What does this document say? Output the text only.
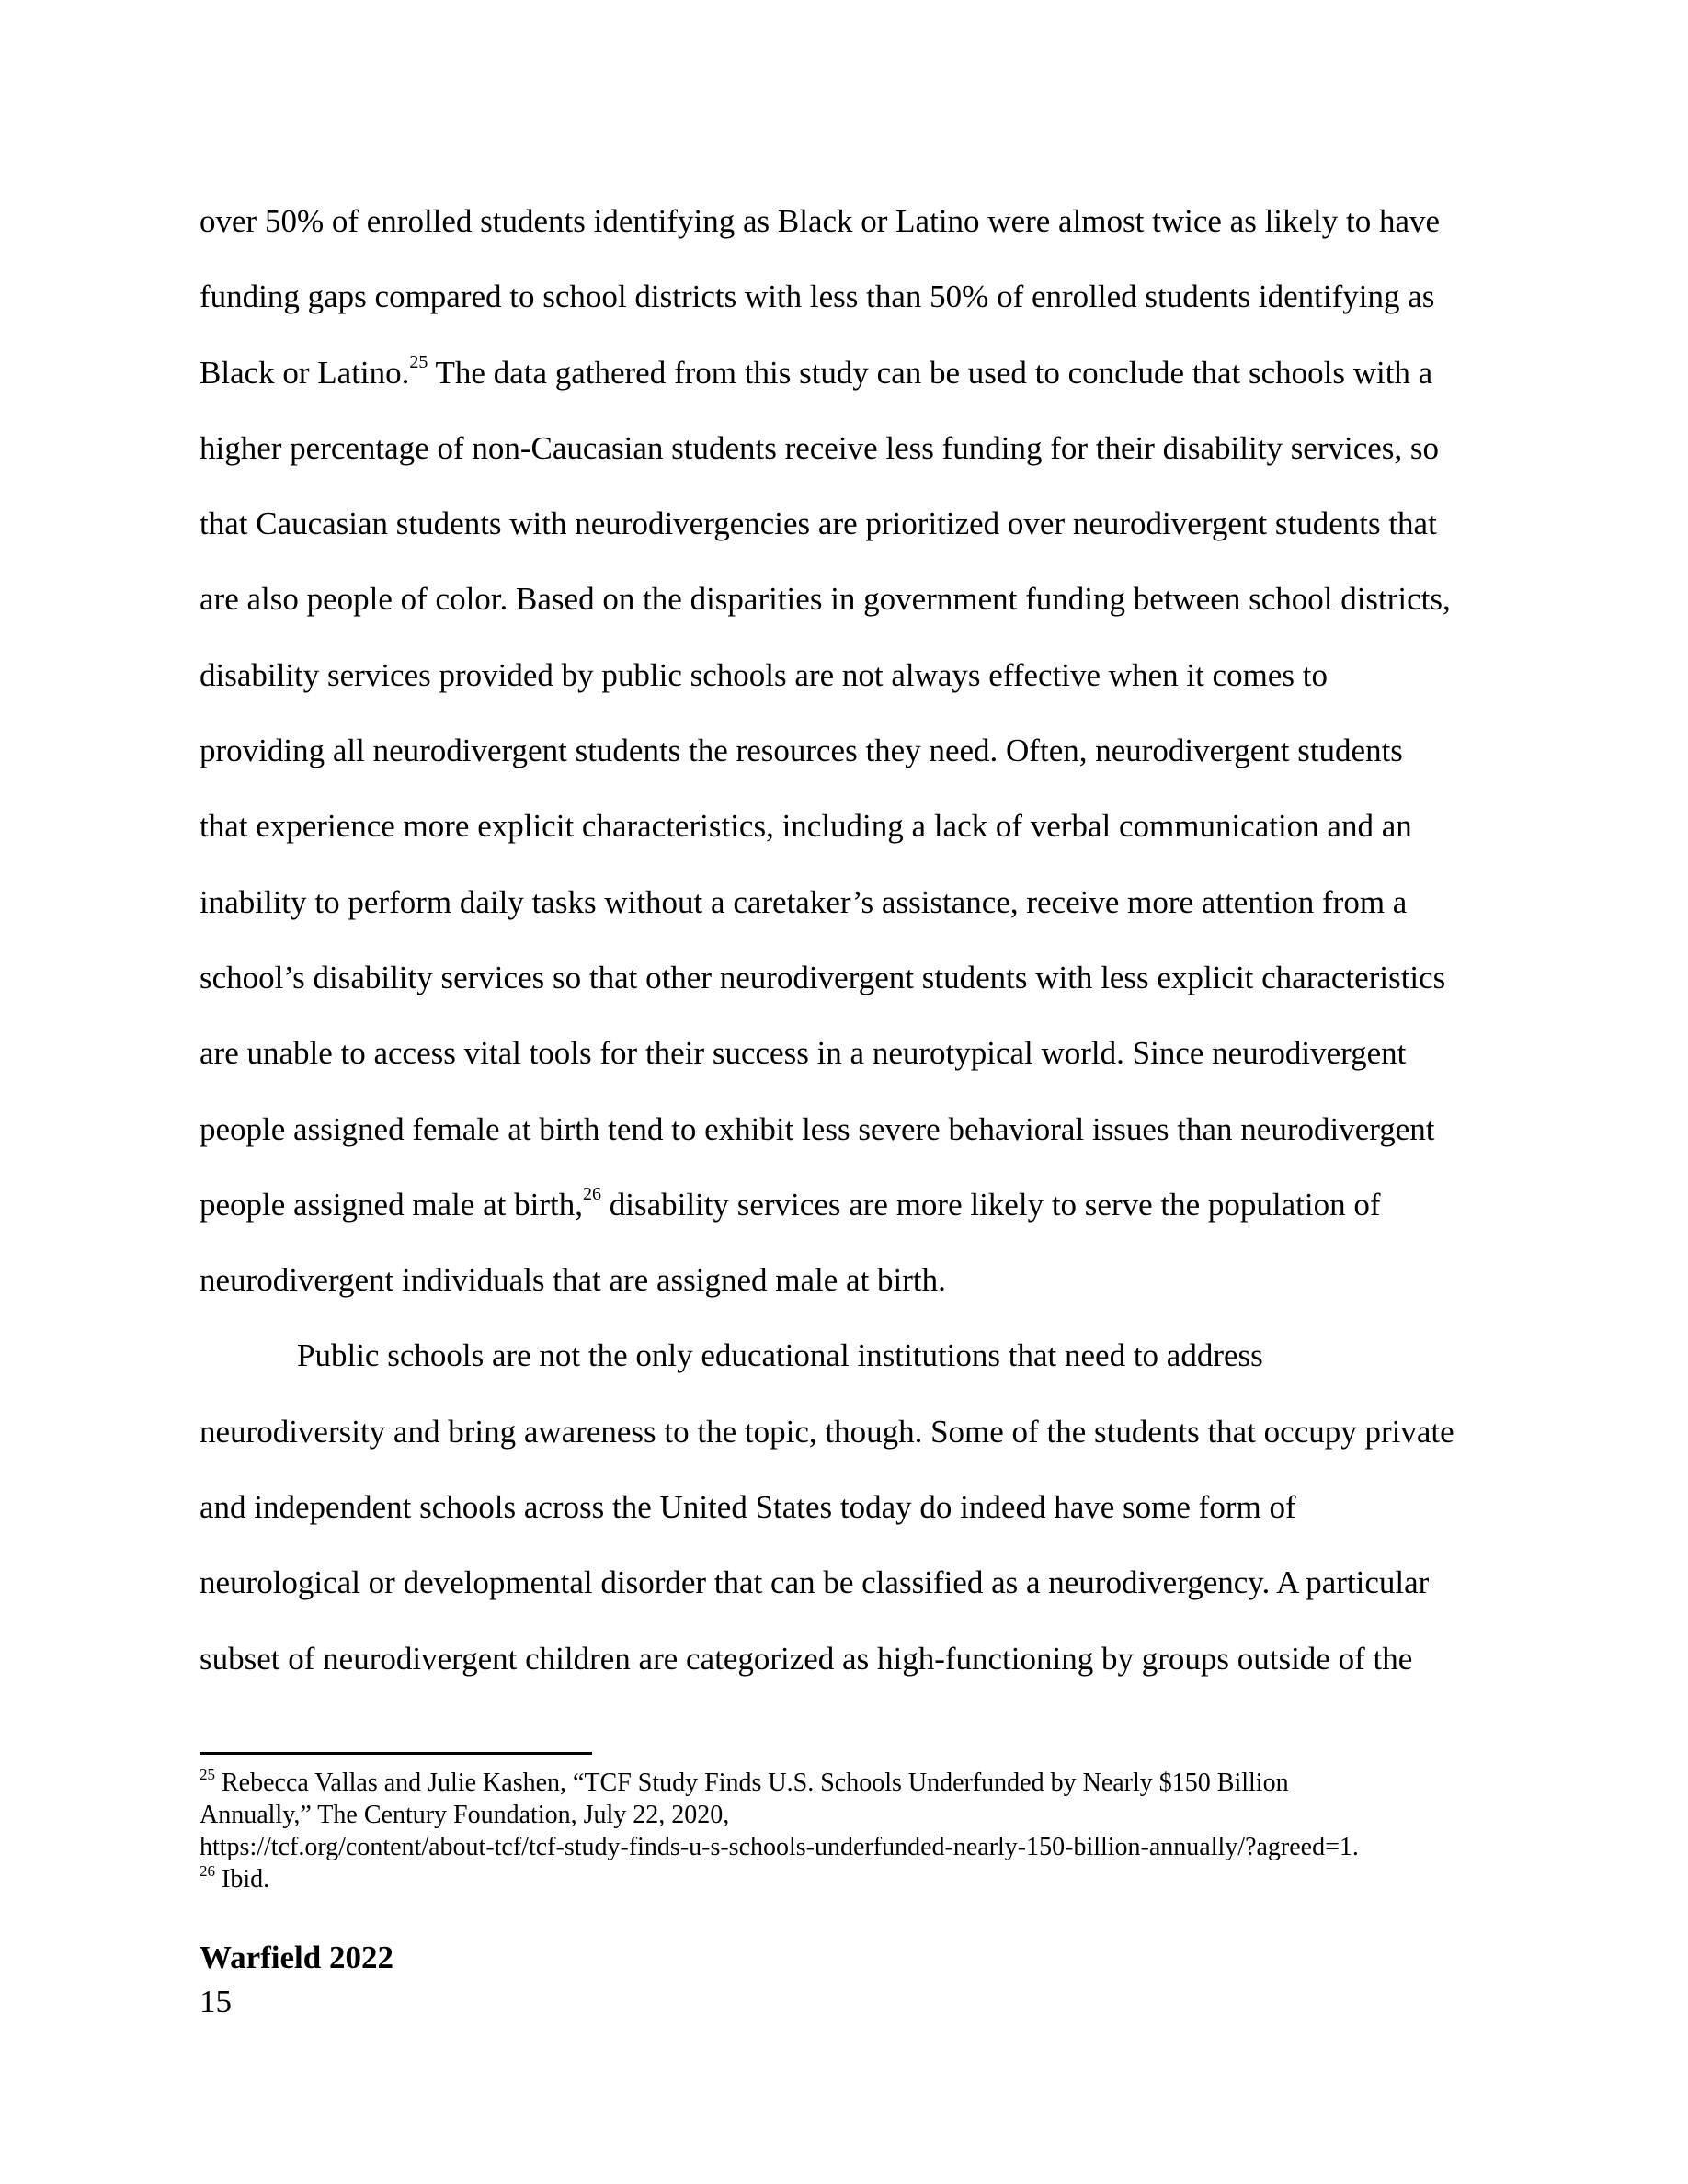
over 50% of enrolled students identifying as Black or Latino were almost twice as likely to have
funding gaps compared to school districts with less than 50% of enrolled students identifying as
Black or Latino.$^{25}$ The data gathered from this study can be used to conclude that schools with a
higher percentage of non-Caucasian students receive less funding for their disability services, so
that Caucasian students with neurodivergencies are prioritized over neurodivergent students that
are also people of color. Based on the disparities in government funding between school districts,
disability services provided by public schools are not always effective when it comes to
providing all neurodivergent students the resources they need. Often, neurodivergent students
that experience more explicit characteristics, including a lack of verbal communication and an
inability to perform daily tasks without a caretaker’s assistance, receive more attention from a
school’s disability services so that other neurodivergent students with less explicit characteristics
are unable to access vital tools for their success in a neurotypical world. Since neurodivergent
people assigned female at birth tend to exhibit less severe behavioral issues than neurodivergent
people assigned male at birth,$^{26}$ disability services are more likely to serve the population of
neurodivergent individuals that are assigned male at birth.
Public schools are not the only educational institutions that need to address
neurodiversity and bring awareness to the topic, though. Some of the students that occupy private
and independent schools across the United States today do indeed have some form of
neurological or developmental disorder that can be classified as a neurodivergency. A particular
subset of neurodivergent children are categorized as high-functioning by groups outside of the
$^{25}$ Rebecca Vallas and Julie Kashen, “TCF Study Finds U.S. Schools Underfunded by Nearly $150 Billion
Annually,” The Century Foundation, July 22, 2020,
https://tcf.org/content/about-tcf/tcf-study-finds-u-s-schools-underfunded-nearly-150-billion-annually/?agreed=1.
$^{26}$ Ibid.
Warfield 2022
15
